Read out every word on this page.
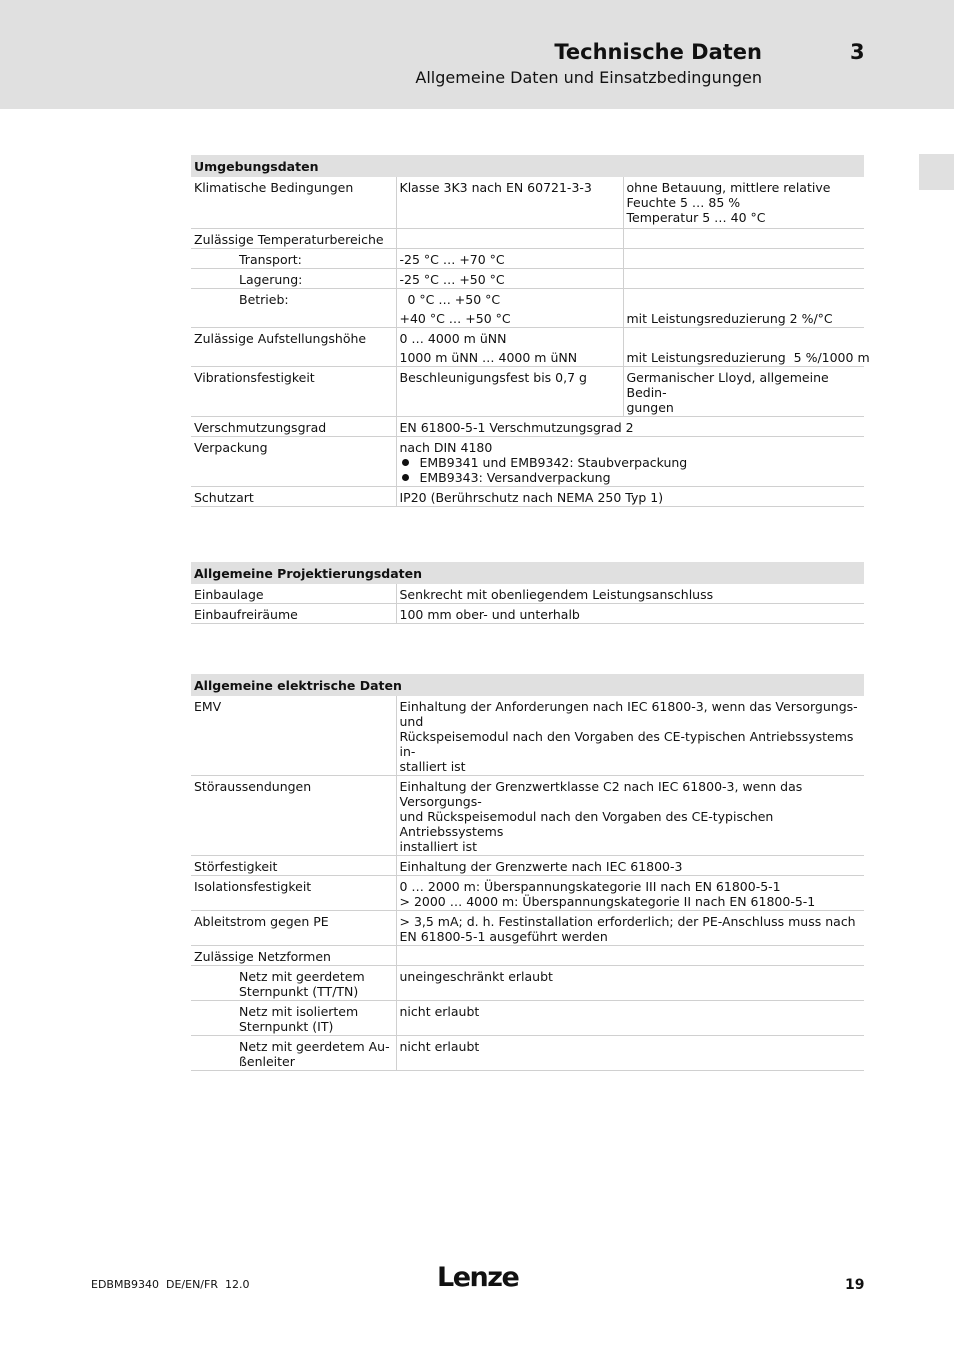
Technische Daten	3
Allgemeine Daten und Einsatzbedingungen
Umgebungsdaten		
Klimatische Bedingungen	Klasse 3K3 nach EN 60721-3-3	ohne Betauung, mittlere relative
Feuchte 5 … 85 %
Temperatur 5 … 40 °C

Zulässige Temperaturbereiche		
Transport:	-25 °C … +70 °C	
Lagerung:	-25 °C … +50 °C	
Betrieb:	0 °C … +50 °C	
	+40 °C … +50 °C	mit Leistungsreduzierung 2 %/°C
Zulässige Aufstellungshöhe	0 … 4000 m üNN	
	1000 m üNN … 4000 m üNN	mit Leistungsreduzierung  5 %/1000 m
Vibrationsfestigkeit	Beschleunigungsfest bis 0,7 g	Germanischer Lloyd, allgemeine Bedin-
gungen

Verschmutzungsgrad	EN 61800-5-1 Verschmutzungsgrad 2	
Verpackung	nach DIN 4180
EMB9341 und EMB9342: Staubverpackung
EMB9343: Versandverpackung	

Schutzart	IP20 (Berührschutz nach NEMA 250 Typ 1)	
Allgemeine Projektierungsdaten	
Einbaulage	Senkrecht mit obenliegendem Leistungsanschluss
Einbaufreiräume	100 mm ober- und unterhalb
Allgemeine elektrische Daten	
EMV	Einhaltung der Anforderungen nach IEC 61800-3, wenn das Versorgungs- und
Rückspeisemodul nach den Vorgaben des CE-typischen Antriebssystems in-
stalliert ist

Störaussendungen	Einhaltung der Grenzwertklasse C2 nach IEC 61800-3, wenn das Versorgungs-
und Rückspeisemodul nach den Vorgaben des CE-typischen Antriebssystems
installiert ist

Störfestigkeit	Einhaltung der Grenzwerte nach IEC 61800-3
Isolationsfestigkeit	0 … 2000 m: Überspannungskategorie III nach EN 61800-5-1
> 2000 … 4000 m: Überspannungskategorie II nach EN 61800-5-1

Ableitstrom gegen PE	> 3,5 mA; d. h. Festinstallation erforderlich; der PE-Anschluss muss nach
EN 61800-5-1 ausgeführt werden

Zulässige Netzformen	

Netz mit geerdetem
Sternpunkt (TT/TN)	uneingeschränkt erlaubt

Netz mit isoliertem
Sternpunkt (IT)	nicht erlaubt

Netz mit geerdetem Au-
ßenleiter	nicht erlaubt
EDBMB9340  DE/EN/FR  12.0	Lenze	19
